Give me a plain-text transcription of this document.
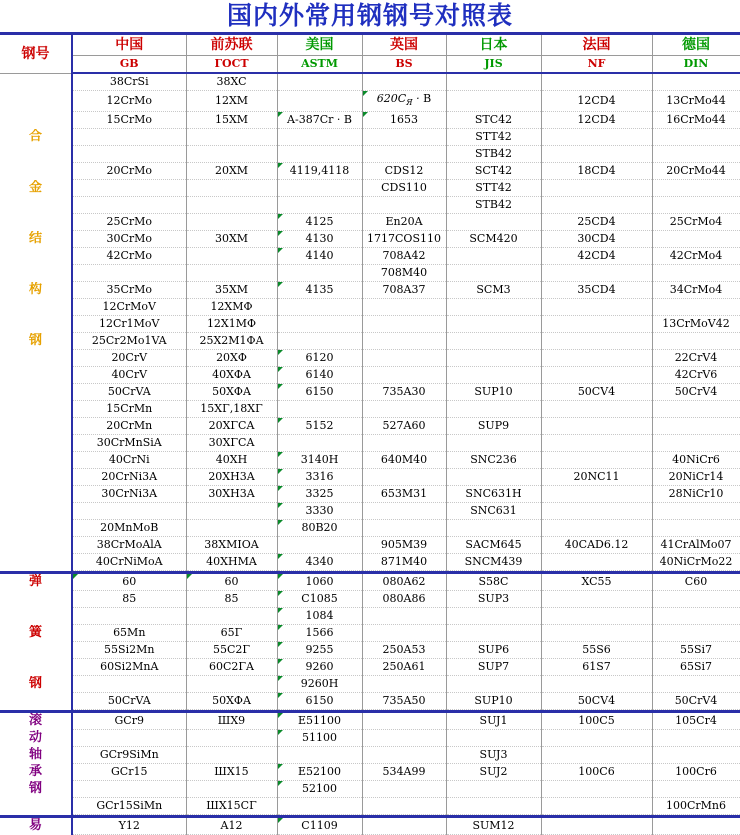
国内外常用钢钢号对照表
钢号	中国	前苏联	美国	英国	日本	法国	德国
	GB	ГОСТ	ASTM	BS	JIS	NF	DIN
	38CrSi	38XC					
	12CrMo	12XM		$620C_Я \cdot B$		12CD4	13CrMo44
	15CrMo	15XM	A-387Cr · B	1653	STC42	12CD4	16CrMo44
合					STT42		
					STB42		
	20CrMo	20XM	4119,4118	CDS12	SCT42	18CD4	20CrMo44
金				CDS110	STT42		
					STB42		
	25CrMo		4125	En20A		25CD4	25CrMo4
结	30CrMo	30XM	4130	1717COS110	SCM420	30CD4	
	42CrMo		4140	708A42		42CD4	42CrMo4
				708M40			
构	35CrMo	35XM	4135	708A37	SCM3	35CD4	34CrMo4
	12CrMoV	12XMΦ					
	12Cr1MoV	12X1MΦ					13CrMoV42
钢	25Cr2Mo1VA	25X2M1ΦA					
	20CrV	20XΦ	6120				22CrV4
	40CrV	40XΦA	6140				42CrV6
	50CrVA	50XΦA	6150	735A30	SUP10	50CV4	50CrV4
	15CrMn	15XΓ,18XΓ					
	20CrMn	20XΓCA	5152	527A60	SUP9		
	30CrMnSiA	30XΓCA					
	40CrNi	40XH	3140H	640M40	SNC236		40NiCr6
	20CrNi3A	20XH3A	3316			20NC11	20NiCr14
	30CrNi3A	30XH3A	3325	653M31	SNC631H		28NiCr10
			3330		SNC631		
	20MnMoB		80B20				
	38CrMoAlA	38XMIOA		905M39	SACM645	40CAD6.12	41CrAlMo07
	40CrNiMoA	40XHMA	4340	871M40	SNCM439		40NiCrMo22

弹	60	60	1060	080A62	S58C	XC55	C60
	85	85	C1085	080A86	SUP3		
			1084				
簧	65Mn	65Γ	1566				
	55Si2Mn	55C2Γ	9255	250A53	SUP6	55S6	55Si7
	60Si2MnA	60C2ΓA	9260	250A61	SUP7	61S7	65Si7
钢			9260H				
	50CrVA	50XΦA	6150	735A50	SUP10	50CV4	50CrV4

滚	GCr9	ШX9	E51100		SUJ1	100C5	105Cr4
动			51100				
轴	GCr9SiMn				SUJ3		
承	GCr15	ШX15	E52100	534A99	SUJ2	100C6	100Cr6
钢			52100				
	GCr15SiMn	ШX15CΓ					100CrMn6

易	Y12	A12	C1109		SUM12		
